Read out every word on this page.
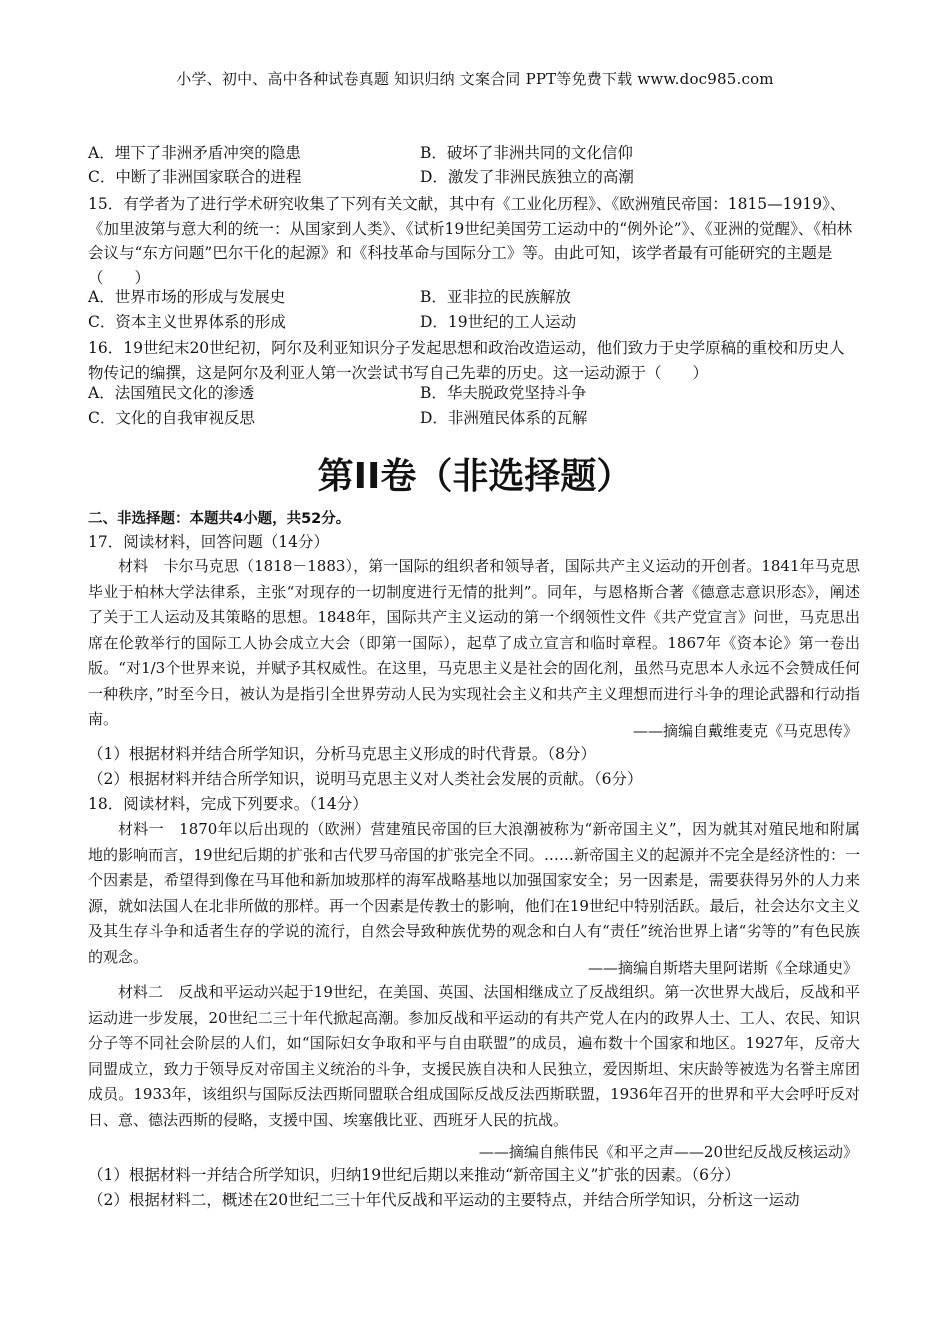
小学、初中、高中各种试卷真题 知识归纳 文案合同 PPT等免费下载 www.doc985.com
A．埋下了非洲矛盾冲突的隐患	B．破坏了非洲共同的文化信仰
C．中断了非洲国家联合的进程	D．激发了非洲民族独立的高潮
15．有学者为了进行学术研究收集了下列有关文献，其中有《工业化历程》、《欧洲殖民帝国：1815—1919》、《加里波第与意大利的统一：从国家到人类》、《试析19世纪美国劳工运动中的“例外论”》、《亚洲的觉醒》、《柏林会议与“东方问题”巴尔干化的起源》和《科技革命与国际分工》等。由此可知，该学者最有可能研究的主题是（　　）
A．世界市场的形成与发展史	B．亚非拉的民族解放
C．资本主义世界体系的形成	D．19世纪的工人运动
16．19世纪末20世纪初，阿尔及利亚知识分子发起思想和政治改造运动，他们致力于史学原稿的重校和历史人物传记的编撰，这是阿尔及利亚人第一次尝试书写自己先辈的历史。这一运动源于（　　）
A．法国殖民文化的渗透	B．华夫脱政党坚持斗争
C．文化的自我审视反思	D．非洲殖民体系的瓦解
第II卷（非选择题）
二、非选择题：本题共4小题，共52分。
17．阅读材料，回答问题（14分）
材料　卡尔马克思（1818－1883），第一国际的组织者和领导者，国际共产主义运动的开创者。1841年马克思毕业于柏林大学法律系，主张“对现存的一切制度进行无情的批判”。同年，与恩格斯合著《德意志意识形态》，阐述了关于工人运动及其策略的思想。1848年，国际共产主义运动的第一个纲领性文件《共产党宣言》问世，马克思出席在伦敦举行的国际工人协会成立大会（即第一国际），起草了成立宣言和临时章程。1867年《资本论》第一卷出版。“对1/3个世界来说，并赋予其权威性。在这里，马克思主义是社会的固化剂，虽然马克思本人永远不会赞成任何一种秩序，”时至今日，被认为是指引全世界劳动人民为实现社会主义和共产主义理想而进行斗争的理论武器和行动指南。
——摘编自戴维麦克《马克思传》
（1）根据材料并结合所学知识，分析马克思主义形成的时代背景。（8分）
（2）根据材料并结合所学知识，说明马克思主义对人类社会发展的贡献。（6分）
18．阅读材料，完成下列要求。（14分）
材料一　1870年以后出现的（欧洲）营建殖民帝国的巨大浪潮被称为“新帝国主义”，因为就其对殖民地和附属地的影响而言，19世纪后期的扩张和古代罗马帝国的扩张完全不同。……新帝国主义的起源并不完全是经济性的：一个因素是，希望得到像在马耳他和新加坡那样的海军战略基地以加强国家安全；另一因素是，需要获得另外的人力来源，就如法国人在北非所做的那样。再一个因素是传教士的影响，他们在19世纪中特别活跃。最后，社会达尔文主义及其生存斗争和适者生存的学说的流行，自然会导致种族优势的观念和白人有“责任”统治世界上诸“劣等的”有色民族的观念。
——摘编自斯塔夫里阿诺斯《全球通史》
材料二　反战和平运动兴起于19世纪，在美国、英国、法国相继成立了反战组织。第一次世界大战后，反战和平运动进一步发展，20世纪二三十年代掀起高潮。参加反战和平运动的有共产党人在内的政界人士、工人、农民、知识分子等不同社会阶层的人们，如“国际妇女争取和平与自由联盟”的成员，遍布数十个国家和地区。1927年，反帝大同盟成立，致力于领导反对帝国主义统治的斗争，支援民族自决和人民独立，爱因斯坦、宋庆龄等被选为名誉主席团成员。1933年，该组织与国际反法西斯同盟联合组成国际反战反法西斯联盟，1936年召开的世界和平大会呼吁反对日、意、德法西斯的侵略，支援中国、埃塞俄比亚、西班牙人民的抗战。
——摘编自熊伟民《和平之声——20世纪反战反核运动》
（1）根据材料一并结合所学知识，归纳19世纪后期以来推动“新帝国主义”扩张的因素。（6分）
（2）根据材料二，概述在20世纪二三十年代反战和平运动的主要特点，并结合所学知识，分析这一运动
